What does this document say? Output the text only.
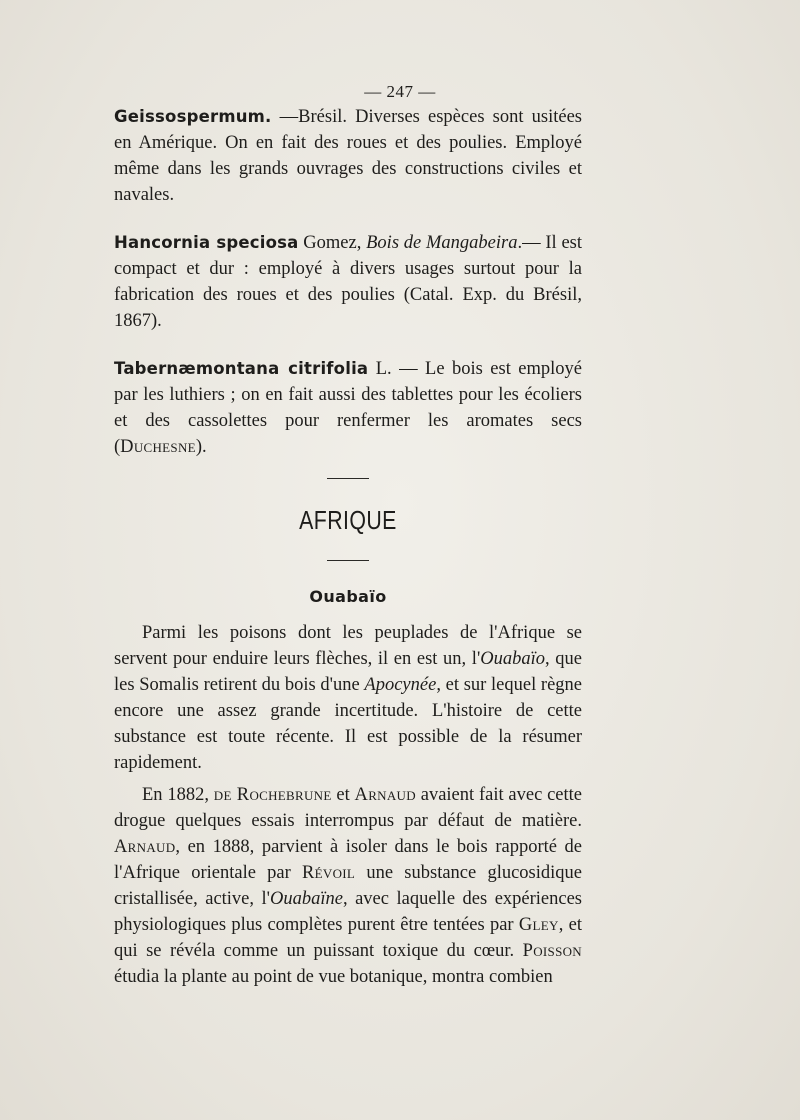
— 247 —

Geissospermum. —Brésil. Diverses espèces sont usitées en Amérique. On en fait des roues et des poulies. Employé même dans les grands ouvrages des constructions civiles et navales.

Hancornia speciosa Gomez, Bois de Mangabeira.— Il est compact et dur : employé à divers usages surtout pour la fabrication des roues et des poulies (Catal. Exp. du Brésil, 1867).

Tabernæmontana citrifolia L. — Le bois est employé par les luthiers ; on en fait aussi des tablettes pour les écoliers et des cassolettes pour renfermer les aromates secs (Duchesne).

AFRIQUE
Ouabaïo

Parmi les poisons dont les peuplades de l'Afrique se servent pour enduire leurs flèches, il en est un, l'Ouabaïo, que les Somalis retirent du bois d'une Apocynée, et sur lequel règne encore une assez grande incertitude. L'histoire de cette substance est toute récente. Il est possible de la résumer rapidement.

En 1882, de Rochebrune et Arnaud avaient fait avec cette drogue quelques essais interrompus par défaut de matière. Arnaud, en 1888, parvient à isoler dans le bois rapporté de l'Afrique orientale par Révoil une substance glucosidique cristallisée, active, l'Ouabaïne, avec laquelle des expériences physiologiques plus complètes purent être tentées par Gley, et qui se révéla comme un puissant toxique du cœur. Poisson étudia la plante au point de vue botanique, montra combien
